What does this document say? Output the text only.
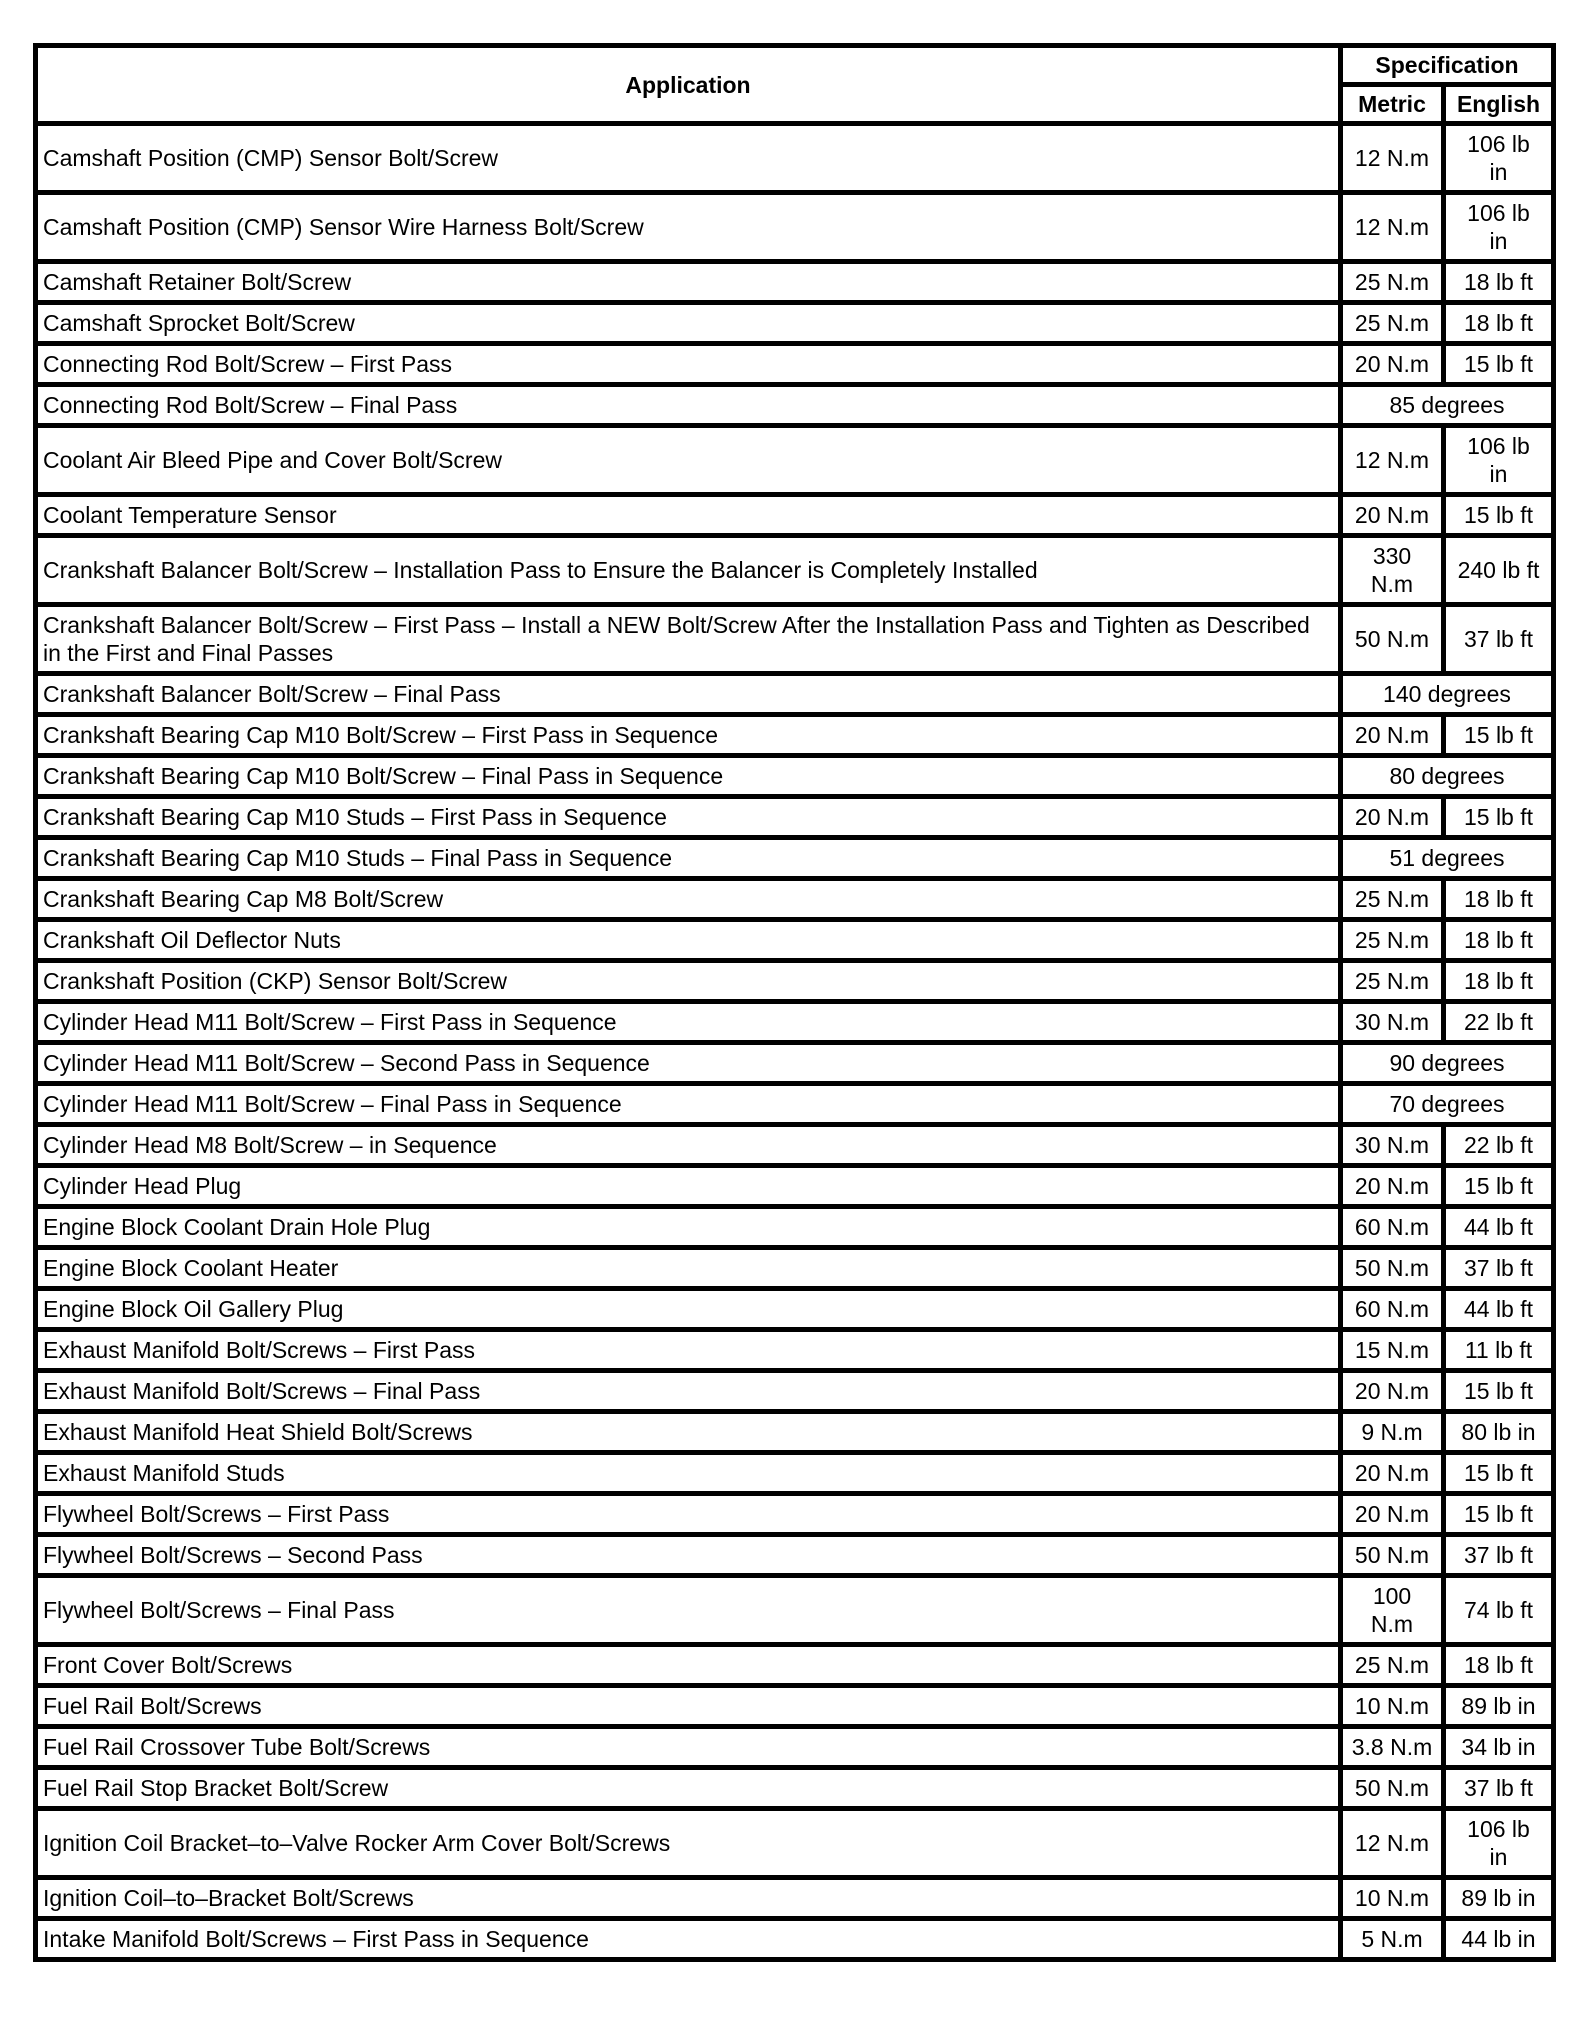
Application	Specification	
	Metric	English
Camshaft Position (CMP) Sensor Bolt/Screw	12 N.m	106 lb in
Camshaft Position (CMP) Sensor Wire Harness Bolt/Screw	12 N.m	106 lb in
Camshaft Retainer Bolt/Screw	25 N.m	18 lb ft
Camshaft Sprocket Bolt/Screw	25 N.m	18 lb ft
Connecting Rod Bolt/Screw – First Pass	20 N.m	15 lb ft
Connecting Rod Bolt/Screw – Final Pass	85 degrees	
Coolant Air Bleed Pipe and Cover Bolt/Screw	12 N.m	106 lb in
Coolant Temperature Sensor	20 N.m	15 lb ft
Crankshaft Balancer Bolt/Screw – Installation Pass to Ensure the Balancer is Completely Installed	330 N.m	240 lb ft
Crankshaft Balancer Bolt/Screw – First Pass – Install a NEW Bolt/Screw After the Installation Pass and Tighten as Described in the First and Final Passes	50 N.m	37 lb ft
Crankshaft Balancer Bolt/Screw – Final Pass	140 degrees	
Crankshaft Bearing Cap M10 Bolt/Screw – First Pass in Sequence	20 N.m	15 lb ft
Crankshaft Bearing Cap M10 Bolt/Screw – Final Pass in Sequence	80 degrees	
Crankshaft Bearing Cap M10 Studs – First Pass in Sequence	20 N.m	15 lb ft
Crankshaft Bearing Cap M10 Studs – Final Pass in Sequence	51 degrees	
Crankshaft Bearing Cap M8 Bolt/Screw	25 N.m	18 lb ft
Crankshaft Oil Deflector Nuts	25 N.m	18 lb ft
Crankshaft Position (CKP) Sensor Bolt/Screw	25 N.m	18 lb ft
Cylinder Head M11 Bolt/Screw – First Pass in Sequence	30 N.m	22 lb ft
Cylinder Head M11 Bolt/Screw – Second Pass in Sequence	90 degrees	
Cylinder Head M11 Bolt/Screw – Final Pass in Sequence	70 degrees	
Cylinder Head M8 Bolt/Screw – in Sequence	30 N.m	22 lb ft
Cylinder Head Plug	20 N.m	15 lb ft
Engine Block Coolant Drain Hole Plug	60 N.m	44 lb ft
Engine Block Coolant Heater	50 N.m	37 lb ft
Engine Block Oil Gallery Plug	60 N.m	44 lb ft
Exhaust Manifold Bolt/Screws – First Pass	15 N.m	11 lb ft
Exhaust Manifold Bolt/Screws – Final Pass	20 N.m	15 lb ft
Exhaust Manifold Heat Shield Bolt/Screws	9 N.m	80 lb in
Exhaust Manifold Studs	20 N.m	15 lb ft
Flywheel Bolt/Screws – First Pass	20 N.m	15 lb ft
Flywheel Bolt/Screws – Second Pass	50 N.m	37 lb ft
Flywheel Bolt/Screws – Final Pass	100 N.m	74 lb ft
Front Cover Bolt/Screws	25 N.m	18 lb ft
Fuel Rail Bolt/Screws	10 N.m	89 lb in
Fuel Rail Crossover Tube Bolt/Screws	3.8 N.m	34 lb in
Fuel Rail Stop Bracket Bolt/Screw	50 N.m	37 lb ft
Ignition Coil Bracket–to–Valve Rocker Arm Cover Bolt/Screws	12 N.m	106 lb in
Ignition Coil–to–Bracket Bolt/Screws	10 N.m	89 lb in
Intake Manifold Bolt/Screws – First Pass in Sequence	5 N.m	44 lb in
